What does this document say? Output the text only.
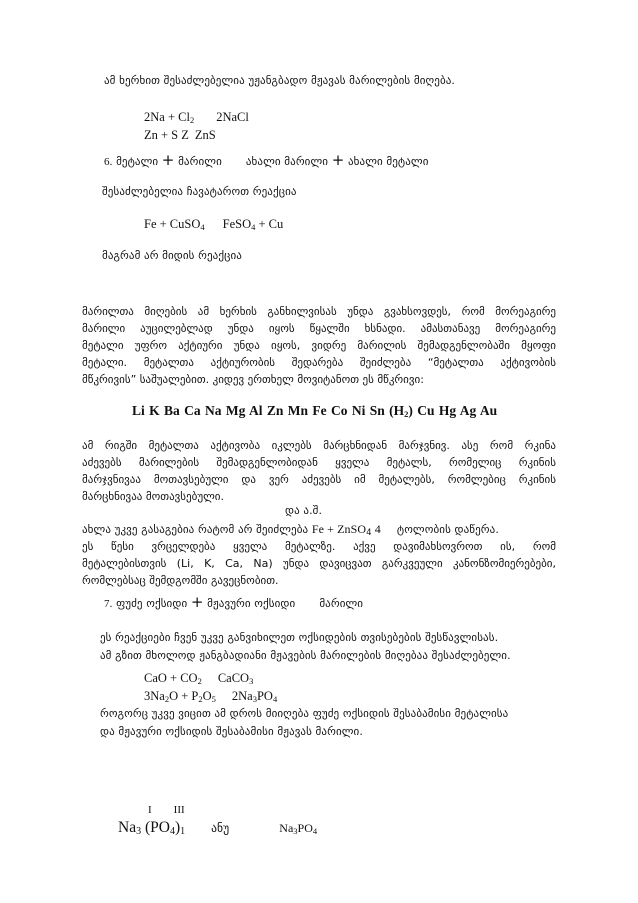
ამ ხერხით შესაძლებელია უჟანგბადო მჟავას მარილების მიღება.
$2Na + Cl_2$ 2NaCl
Zn + S Z ZnS
6. მეტალი + მარილი ახალი მარილი + ახალი მეტალი
შესაძლებელია ჩავატაროთ რეაქცია
Fe + CuSO$_4$ FeSO$_4$ + Cu
მაგრამ არ მიდის რეაქცია
მარილთა მიღების ამ ხერხის განხილვისას უნდა გვახსოვდეს, რომ მორეაგირე
მარილი აუცილებლად უნდა იყოს წყალში ხსნადი. ამასთანავე მორეაგირე
მეტალი უფრო აქტიური უნდა იყოს, ვიდრე მარილის შემადგენლობაში მყოფი
მეტალი. მეტალთა აქტიურობის შედარება შეიძლება “მეტალთა აქტივობის
მწკრივის” საშუალებით. კიდევ ერთხელ მოვიტანოთ ეს მწკრივი:
Li K Ba Ca Na Mg Al Zn Mn Fe Co Ni Sn $(H_2)$ Cu Hg Ag Au
ამ რიგში მეტალთა აქტივობა იკლებს მარცხნიდან მარჯვნივ. ასე რომ რკინა
აძევებს მარილების შემადგენლობიდან ყველა მეტალს, რომელიც რკინის
მარჯვნივაა მოთავსებული და ვერ აძევებს იმ მეტალებს, რომლებიც რკინის
მარცხნივაა მოთავსებული.
და ა.შ.
ახლა უკვე გასაგებია რატომ არ შეიძლება Fe + ZnSO$_4$ 4 ტოლობის დაწერა.
ეს წესი ვრცელდება ყველა მეტალზე. აქვე დავიმახსოვროთ ის, რომ
მეტალებისთვის (Li, K, Ca, Na) უნდა დავიცვათ გარკვეული კანონზომიერებები,
რომლებსაც შემდგომში გავეცნობით.
7. ფუძე ოქსიდი + მჟავური ოქსიდი მარილი
ეს რეაქციები ჩვენ უკვე განვიხილეთ ოქსიდების თვისებების შესწავლისას.
ამ გზით მხოლოდ ჟანგბადიანი მჟავების მარილების მიღებაა შესაძლებელი.
CaO + $CO_2$ CaCO$_3$
$3Na_2O + P_2O_5$ $2Na_3PO_4$
როგორც უკვე ვიცით ამ დროს მიიღება ფუძე ოქსიდის შესაბამისი მეტალისა
და მჟავური ოქსიდის შესაბამისი მჟავას მარილი.
I III
$Na_3$ $(PO_4)_1$ ანუ	$Na_3PO_4$
